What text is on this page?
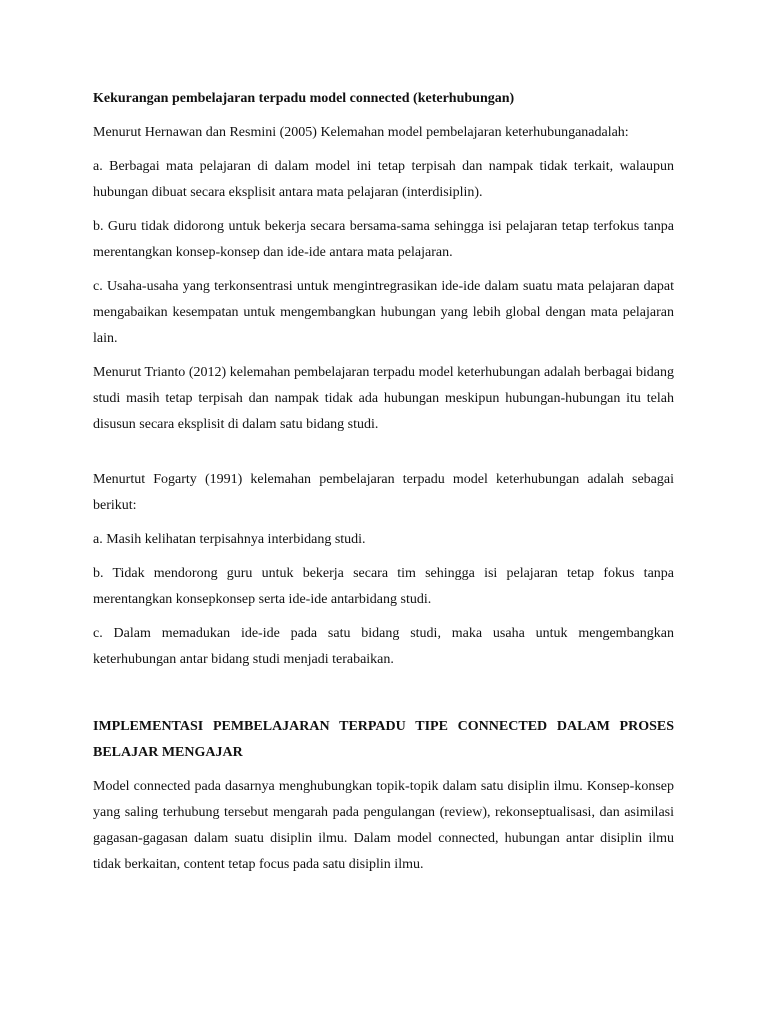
Kekurangan pembelajaran terpadu model connected (keterhubungan)

Menurut Hernawan dan Resmini (2005) Kelemahan model pembelajaran keterhubunganadalah:

a. Berbagai mata pelajaran di dalam model ini tetap terpisah dan nampak tidak terkait, walaupun hubungan dibuat secara eksplisit antara mata pelajaran (interdisiplin).

b. Guru tidak didorong untuk bekerja secara bersama-sama sehingga isi pelajaran tetap terfokus tanpa merentangkan konsep-konsep dan ide-ide antara mata pelajaran.

c. Usaha-usaha yang terkonsentrasi untuk mengintregrasikan ide-ide dalam suatu mata pelajaran dapat mengabaikan kesempatan untuk mengembangkan hubungan yang lebih global dengan mata pelajaran lain.

Menurut Trianto (2012) kelemahan pembelajaran terpadu model keterhubungan adalah berbagai bidang studi masih tetap terpisah dan nampak tidak ada hubungan meskipun hubungan-hubungan itu telah disusun secara eksplisit di dalam satu bidang studi.

Menurtut Fogarty (1991) kelemahan pembelajaran terpadu model keterhubungan adalah sebagai berikut:

a. Masih kelihatan terpisahnya interbidang studi.

b. Tidak mendorong guru untuk bekerja secara tim sehingga isi pelajaran tetap fokus tanpa merentangkan konsepkonsep serta ide-ide antarbidang studi.

c. Dalam memadukan ide-ide pada satu bidang studi, maka usaha untuk mengembangkan keterhubungan antar bidang studi menjadi terabaikan.

IMPLEMENTASI PEMBELAJARAN TERPADU TIPE CONNECTED DALAM PROSES BELAJAR MENGAJAR

Model connected pada dasarnya menghubungkan topik-topik dalam satu disiplin ilmu. Konsep-konsep yang saling terhubung tersebut mengarah pada pengulangan (review), rekonseptualisasi, dan asimilasi gagasan-gagasan dalam suatu disiplin ilmu. Dalam model connected, hubungan antar disiplin ilmu tidak berkaitan, content tetap focus pada satu disiplin ilmu.
